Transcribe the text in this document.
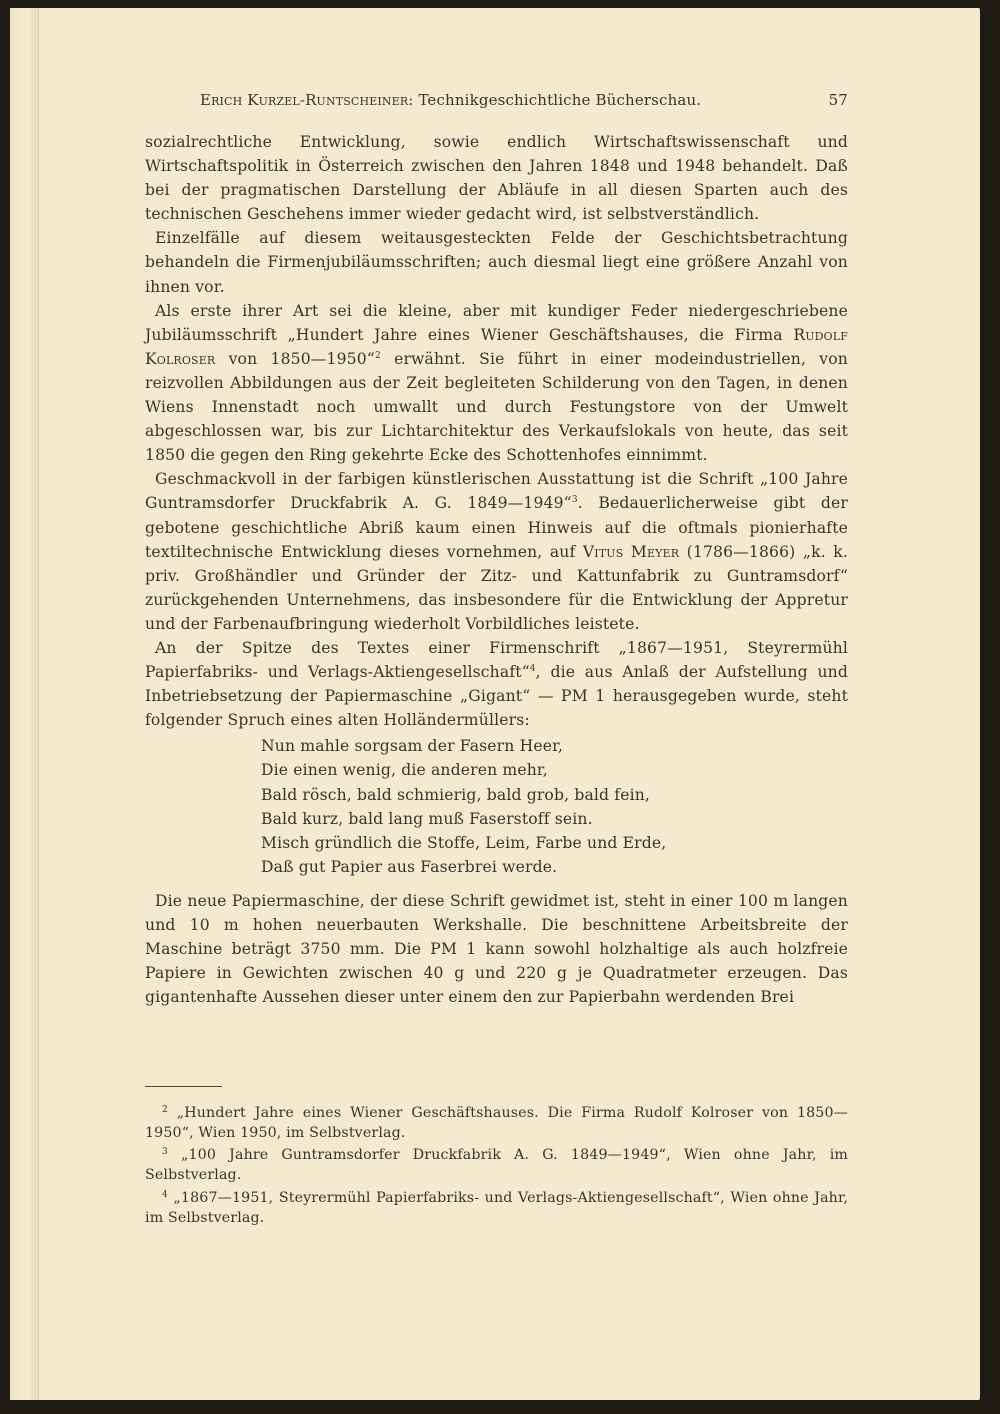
Erich Kurzel-Runtscheiner: Technikgeschichtliche Bücherschau.	57

sozialrechtliche Entwicklung, sowie endlich Wirtschaftswissenschaft und Wirtschaftspolitik in Österreich zwischen den Jahren 1848 und 1948 behandelt. Daß bei der pragmatischen Darstellung der Abläufe in all diesen Sparten auch des technischen Geschehens immer wieder gedacht wird, ist selbstverständlich.

Einzelfälle auf diesem weitausgesteckten Felde der Geschichtsbetrachtung behandeln die Firmenjubiläumsschriften; auch diesmal liegt eine größere Anzahl von ihnen vor.

Als erste ihrer Art sei die kleine, aber mit kundiger Feder niedergeschriebene Jubiläumsschrift „Hundert Jahre eines Wiener Geschäftshauses, die Firma Rudolf Kolroser von 1850—1950“$^2$ erwähnt. Sie führt in einer modeindustriellen, von reizvollen Abbildungen aus der Zeit begleiteten Schilderung von den Tagen, in denen Wiens Innenstadt noch umwallt und durch Festungstore von der Umwelt abgeschlossen war, bis zur Lichtarchitektur des Verkaufslokals von heute, das seit 1850 die gegen den Ring gekehrte Ecke des Schottenhofes einnimmt.

Geschmackvoll in der farbigen künstlerischen Ausstattung ist die Schrift „100 Jahre Guntramsdorfer Druckfabrik A. G. 1849—1949“$^3$. Bedauerlicherweise gibt der gebotene geschichtliche Abriß kaum einen Hinweis auf die oftmals pionierhafte textiltechnische Entwicklung dieses vornehmen, auf Vitus Meyer (1786—1866) „k. k. priv. Großhändler und Gründer der Zitz- und Kattunfabrik zu Guntramsdorf“ zurückgehenden Unternehmens, das insbesondere für die Entwicklung der Appretur und der Farbenaufbringung wiederholt Vorbildliches leistete.

An der Spitze des Textes einer Firmenschrift „1867—1951, Steyrermühl Papierfabriks- und Verlags-Aktiengesellschaft“$^4$, die aus Anlaß der Aufstellung und Inbetriebsetzung der Papiermaschine „Gigant“ — PM 1 herausgegeben wurde, steht folgender Spruch eines alten Holländermüllers:

Nun mahle sorgsam der Fasern Heer,
Die einen wenig, die anderen mehr,
Bald rösch, bald schmierig, bald grob, bald fein,
Bald kurz, bald lang muß Faserstoff sein.
Misch gründlich die Stoffe, Leim, Farbe und Erde,
Daß gut Papier aus Faserbrei werde.

Die neue Papiermaschine, der diese Schrift gewidmet ist, steht in einer 100 m langen und 10 m hohen neuerbauten Werkshalle. Die beschnittene Arbeitsbreite der Maschine beträgt 3750 mm. Die PM 1 kann sowohl holzhaltige als auch holzfreie Papiere in Gewichten zwischen 40 g und 220 g je Quadratmeter erzeugen. Das gigantenhafte Aussehen dieser unter einem den zur Papierbahn werdenden Brei

$^2$ „Hundert Jahre eines Wiener Geschäftshauses. Die Firma Rudolf Kolroser von 1850—1950“, Wien 1950, im Selbstverlag.

$^3$ „100 Jahre Guntramsdorfer Druckfabrik A. G. 1849—1949“, Wien ohne Jahr, im Selbstverlag.

$^4$ „1867—1951, Steyrermühl Papierfabriks- und Verlags-Aktiengesellschaft“, Wien ohne Jahr, im Selbstverlag.
